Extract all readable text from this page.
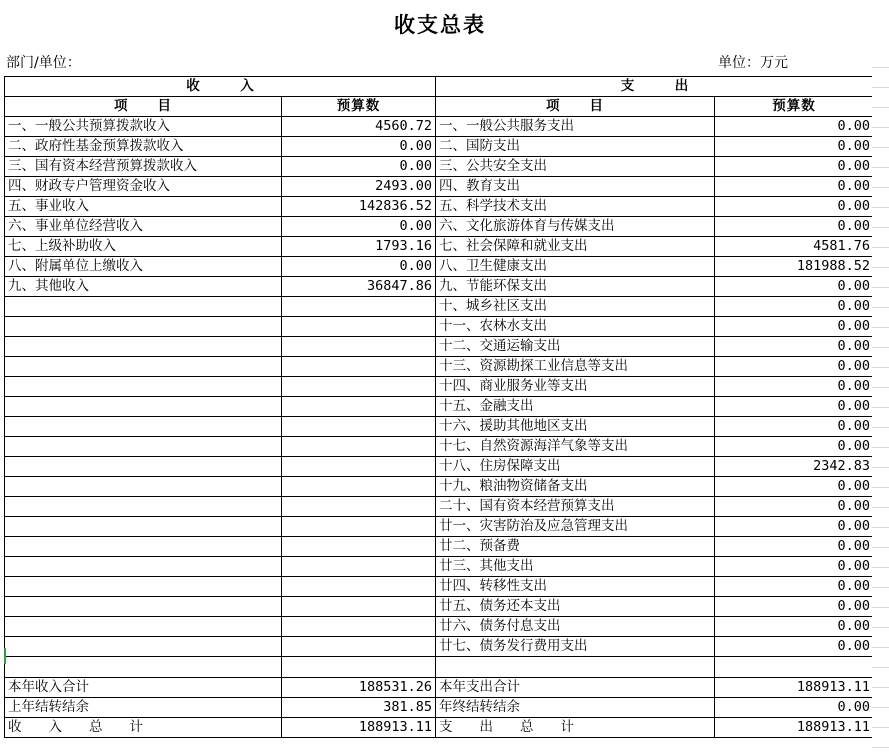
收支总表
部门/单位：	单位：万元
收　　　入		支　　　出	
项　　目	预算数	项　　目	预算数
一、一般公共预算拨款收入	4560.72	一、一般公共服务支出	0.00
二、政府性基金预算拨款收入	0.00	二、国防支出	0.00
三、国有资本经营预算拨款收入	0.00	三、公共安全支出	0.00
四、财政专户管理资金收入	2493.00	四、教育支出	0.00
五、事业收入	142836.52	五、科学技术支出	0.00
六、事业单位经营收入	0.00	六、文化旅游体育与传媒支出	0.00
七、上级补助收入	1793.16	七、社会保障和就业支出	4581.76
八、附属单位上缴收入	0.00	八、卫生健康支出	181988.52
九、其他收入	36847.86	九、节能环保支出	0.00
		十、城乡社区支出	0.00
		十一、农林水支出	0.00
		十二、交通运输支出	0.00
		十三、资源勘探工业信息等支出	0.00
		十四、商业服务业等支出	0.00
		十五、金融支出	0.00
		十六、援助其他地区支出	0.00
		十七、自然资源海洋气象等支出	0.00
		十八、住房保障支出	2342.83
		十九、粮油物资储备支出	0.00
		二十、国有资本经营预算支出	0.00
		廿一、灾害防治及应急管理支出	0.00
		廿二、预备费	0.00
		廿三、其他支出	0.00
		廿四、转移性支出	0.00
		廿五、债务还本支出	0.00
		廿六、债务付息支出	0.00
		廿七、债务发行费用支出	0.00

本年收入合计	188531.26	本年支出合计	188913.11
上年结转结余	381.85	年终结转结余	0.00
收　　入　　总　　计	188913.11	支　　出　　总　　计	188913.11
